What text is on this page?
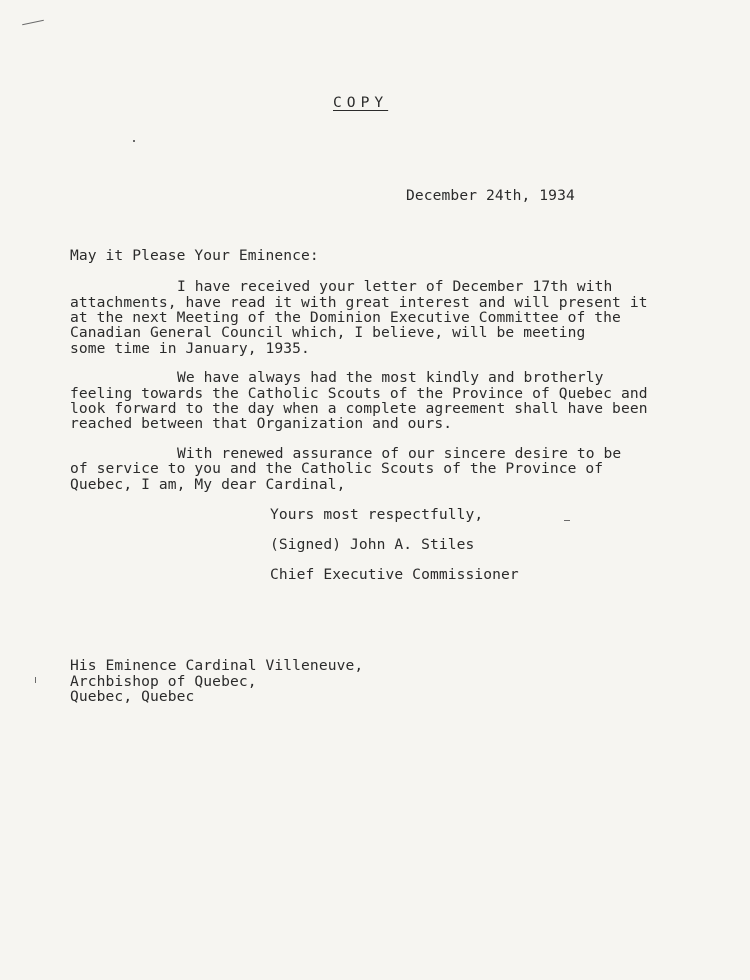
COPY
December 24th, 1934
May it Please Your Eminence:
I have received your letter of December 17th with
attachments, have read it with great interest and will present it
at the next Meeting of the Dominion Executive Committee of the
Canadian General Council which, I believe, will be meeting
some time in January, 1935.
We have always had the most kindly and brotherly
feeling towards the Catholic Scouts of the Province of Quebec and
look forward to the day when a complete agreement shall have been
reached between that Organization and ours.
With renewed assurance of our sincere desire to be
of service to you and the Catholic Scouts of the Province of
Quebec, I am, My dear Cardinal,
Yours most respectfully,
(Signed) John A. Stiles
Chief Executive Commissioner
His Eminence Cardinal Villeneuve,
Archbishop of Quebec,
Quebec, Quebec
